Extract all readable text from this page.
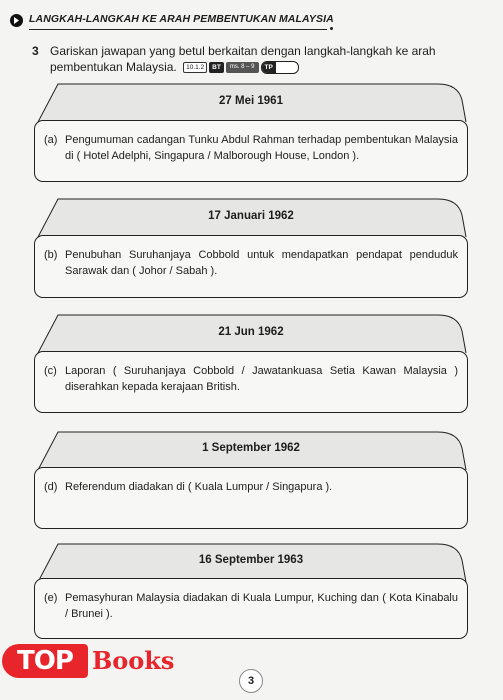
LANGKAH-LANGKAH KE ARAH PEMBENTUKAN MALAYSIA
3 Gariskan jawapan yang betul berkaitan dengan langkah-langkah ke arah pembentukan Malaysia.	10.1.2	BT	ms. 8 – 9	TP
27 Mei 1961
(a) Pengumuman cadangan Tunku Abdul Rahman terhadap pembentukan Malaysia di ( Hotel Adelphi, Singapura / Malborough House, London ).
17 Januari 1962
(b) Penubuhan Suruhanjaya Cobbold untuk mendapatkan pendapat penduduk Sarawak dan ( Johor / Sabah ).
21 Jun 1962
(c) Laporan ( Suruhanjaya Cobbold / Jawatankuasa Setia Kawan Malaysia ) diserahkan kepada kerajaan British.
1 September 1962
(d) Referendum diadakan di ( Kuala Lumpur / Singapura ).
16 September 1963
(e) Pemasyhuran Malaysia diadakan di Kuala Lumpur, Kuching dan ( Kota Kinabalu / Brunei ).
TOP Books
3
